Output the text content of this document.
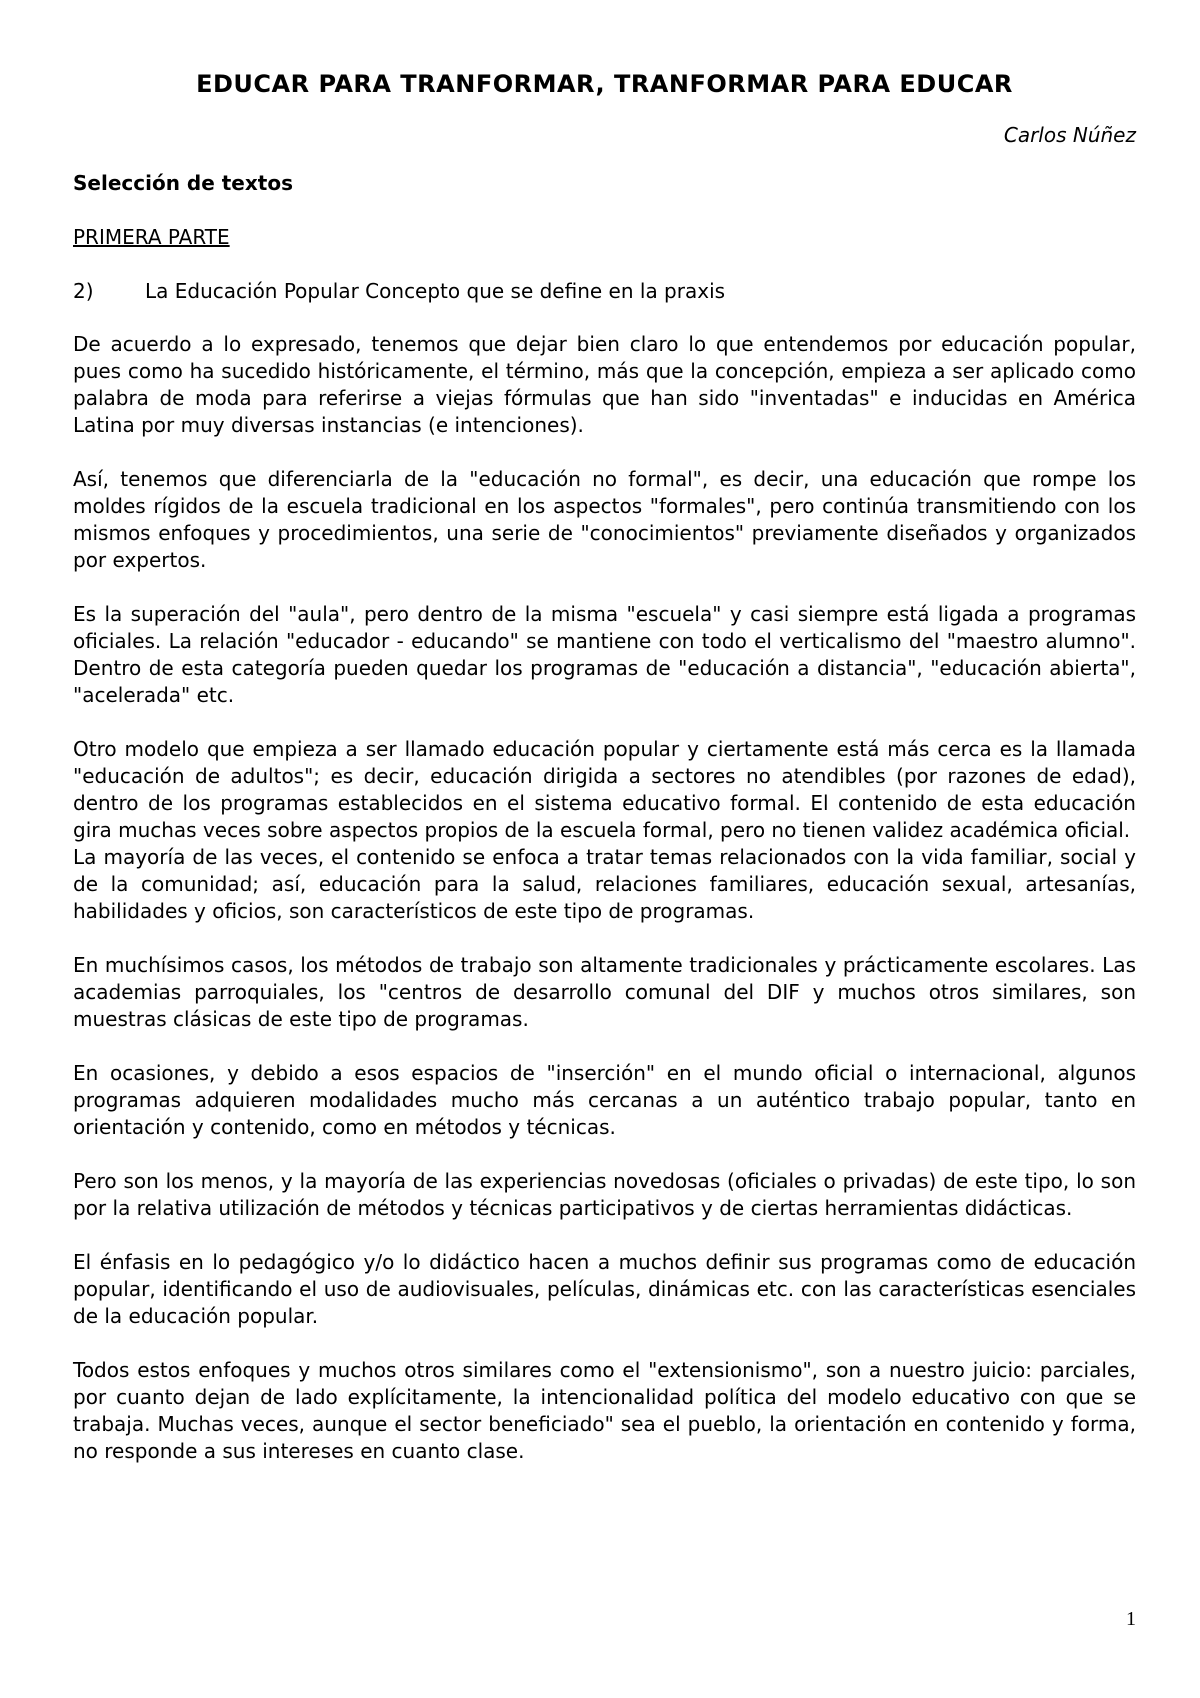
EDUCAR PARA TRANFORMAR, TRANFORMAR PARA EDUCAR
Carlos Núñez
Selección de textos
PRIMERA PARTE
2)	La Educación Popular Concepto que se define en la praxis

De acuerdo a lo expresado, tenemos que dejar bien claro lo que entendemos por educación popular, pues como ha sucedido históricamente, el término, más que la concepción, empieza a ser aplicado como palabra de moda para referirse a viejas fórmulas que han sido "inventadas" e inducidas en América Latina por muy diversas instancias (e intenciones).

Así, tenemos que diferenciarla de la "educación no formal", es decir, una educación que rompe los moldes rígidos de la escuela tradicional en los aspectos "formales", pero continúa transmitiendo con los mismos enfoques y procedimientos, una serie de "conocimientos" previamente diseñados y organizados por expertos.

Es la superación del "aula", pero dentro de la misma "escuela" y casi siempre está ligada a programas oficiales. La relación "educador - educando" se mantiene con todo el verticalismo del "maestro alumno". Dentro de esta categoría pueden quedar los programas de "educación a distancia", "educación abierta", "acelerada" etc.

Otro modelo que empieza a ser llamado educación popular y ciertamente está más cerca es la llamada "educación de adultos"; es decir, educación dirigida a sectores no atendibles (por razones de edad), dentro de los programas establecidos en el sistema educativo formal. El contenido de esta educación gira muchas veces sobre aspectos propios de la escuela formal, pero no tienen validez académica oficial.

La mayoría de las veces, el contenido se enfoca a tratar temas relacionados con la vida familiar, social y de la comunidad; así, educación para la salud, relaciones familiares, educación sexual, artesanías, habilidades y oficios, son característicos de este tipo de programas.

En muchísimos casos, los métodos de trabajo son altamente tradicionales y prácticamente escolares. Las academias parroquiales, los "centros de desarrollo comunal del DIF y muchos otros similares, son muestras clásicas de este tipo de programas.

En ocasiones, y debido a esos espacios de "inserción" en el mundo oficial o internacional, algunos programas adquieren modalidades mucho más cercanas a un auténtico trabajo popular, tanto en orientación y contenido, como en métodos y técnicas.

Pero son los menos, y la mayoría de las experiencias novedosas (oficiales o privadas) de este tipo, lo son por la relativa utilización de métodos y técnicas participativos y de ciertas herramientas didácticas.

El énfasis en lo pedagógico y/o lo didáctico hacen a muchos definir sus programas como de educación popular, identificando el uso de audiovisuales, películas, dinámicas etc. con las características esenciales de la educación popular.

Todos estos enfoques y muchos otros similares como el "extensionismo", son a nuestro juicio: parciales, por cuanto dejan de lado explícitamente, la intencionalidad política del modelo educativo con que se trabaja. Muchas veces, aunque el sector beneficiado" sea el pueblo, la orientación en contenido y forma, no responde a sus intereses en cuanto clase.

1
